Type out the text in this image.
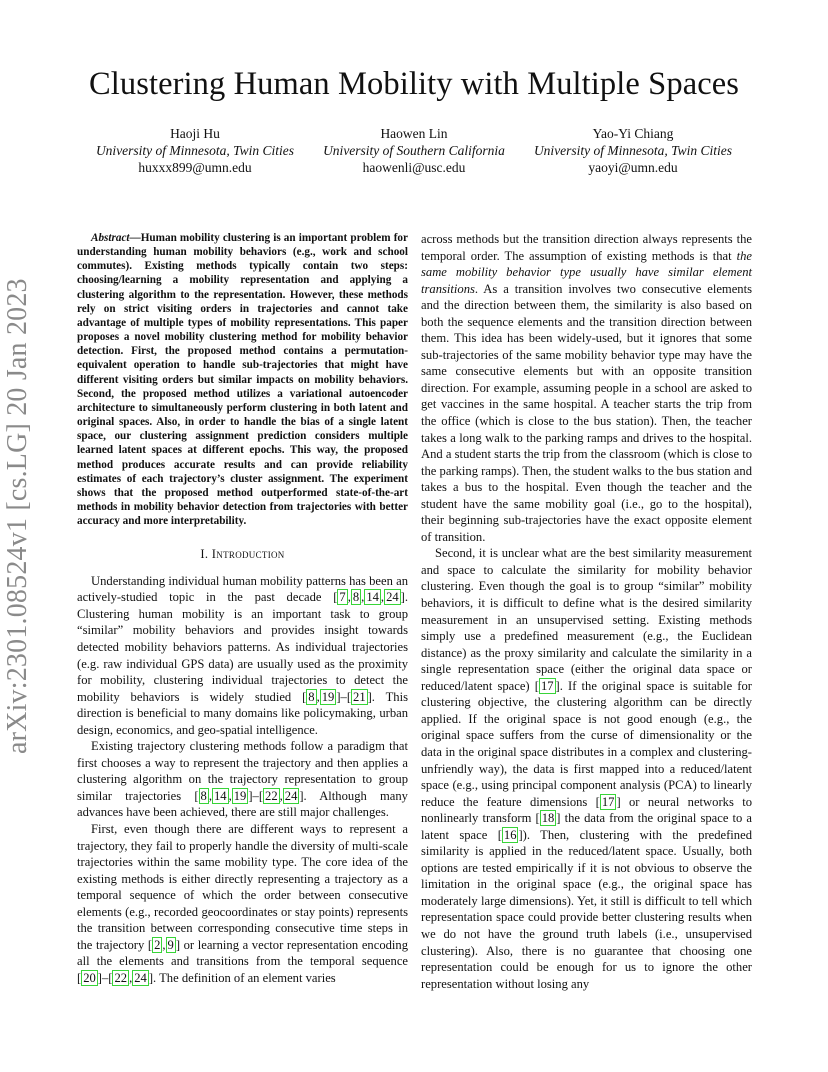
arXiv:2301.08524v1 [cs.LG] 20 Jan 2023
Clustering Human Mobility with Multiple Spaces
Haoji Hu
University of Minnesota, Twin Cities
huxxx899@umn.edu
Haowen Lin
University of Southern California
haowenli@usc.edu
Yao-Yi Chiang
University of Minnesota, Twin Cities
yaoyi@umn.edu

Abstract—Human mobility clustering is an important problem for understanding human mobility behaviors (e.g., work and school commutes). Existing methods typically contain two steps: choosing/learning a mobility representation and applying a clustering algorithm to the representation. However, these methods rely on strict visiting orders in trajectories and cannot take advantage of multiple types of mobility representations. This paper proposes a novel mobility clustering method for mobility behavior detection. First, the proposed method contains a permutation-equivalent operation to handle sub-trajectories that might have different visiting orders but similar impacts on mobility behaviors. Second, the proposed method utilizes a variational autoencoder architecture to simultaneously perform clustering in both latent and original spaces. Also, in order to handle the bias of a single latent space, our clustering assignment prediction considers multiple learned latent spaces at different epochs. This way, the proposed method produces accurate results and can provide reliability estimates of each trajectory’s cluster assignment. The experiment shows that the proposed method outperformed state-of-the-art methods in mobility behavior detection from trajectories with better accuracy and more interpretability.

I. Introduction

Understanding individual human mobility patterns has been an actively-studied topic in the past decade [ 7 , 8 , 14 , 24 ]. Clustering human mobility is an important task to group “similar” mobility behaviors and provides insight towards detected mobility behaviors patterns. As individual trajectories (e.g. raw individual GPS data) are usually used as the proximity for mobility, clustering individual trajectories to detect the mobility behaviors is widely studied [ 8 , 19 ]–[ 21 ]. This direction is beneficial to many domains like policymaking, urban design, economics, and geo-spatial intelligence.

Existing trajectory clustering methods follow a paradigm that first chooses a way to represent the trajectory and then applies a clustering algorithm on the trajectory representation to group similar trajectories [ 8 , 14 , 19 ]–[ 22 , 24 ]. Although many advances have been achieved, there are still major challenges.

First, even though there are different ways to represent a trajectory, they fail to properly handle the diversity of multi-scale trajectories within the same mobility type. The core idea of the existing methods is either directly representing a trajectory as a temporal sequence of which the order between consecutive elements (e.g., recorded geocoordinates or stay points) represents the transition between corresponding consecutive time steps in the trajectory [ 2 , 9 ] or learning a vector representation encoding all the elements and transitions from the temporal sequence [ 20 ]–[ 22 , 24 ]. The definition of an element varies

across methods but the transition direction always represents the temporal order. The assumption of existing methods is that the same mobility behavior type usually have similar element transitions. As a transition involves two consecutive elements and the direction between them, the similarity is also based on both the sequence elements and the transition direction between them. This idea has been widely-used, but it ignores that some sub-trajectories of the same mobility behavior type may have the same consecutive elements but with an opposite transition direction. For example, assuming people in a school are asked to get vaccines in the same hospital. A teacher starts the trip from the office (which is close to the bus station). Then, the teacher takes a long walk to the parking ramps and drives to the hospital. And a student starts the trip from the classroom (which is close to the parking ramps). Then, the student walks to the bus station and takes a bus to the hospital. Even though the teacher and the student have the same mobility goal (i.e., go to the hospital), their beginning sub-trajectories have the exact opposite element of transition.

Second, it is unclear what are the best similarity measurement and space to calculate the similarity for mobility behavior clustering. Even though the goal is to group “similar” mobility behaviors, it is difficult to define what is the desired similarity measurement in an unsupervised setting. Existing methods simply use a predefined measurement (e.g., the Euclidean distance) as the proxy similarity and calculate the similarity in a single representation space (either the original data space or reduced/latent space) [ 17 ]. If the original space is suitable for clustering objective, the clustering algorithm can be directly applied. If the original space is not good enough (e.g., the original space suffers from the curse of dimensionality or the data in the original space distributes in a complex and clustering-unfriendly way), the data is first mapped into a reduced/latent space (e.g., using principal component analysis (PCA) to linearly reduce the feature dimensions [ 17 ] or neural networks to nonlinearly transform [ 18 ] the data from the original space to a latent space [ 16 ]). Then, clustering with the predefined similarity is applied in the reduced/latent space. Usually, both options are tested empirically if it is not obvious to observe the limitation in the original space (e.g., the original space has moderately large dimensions). Yet, it still is difficult to tell which representation space could provide better clustering results when we do not have the ground truth labels (i.e., unsupervised clustering). Also, there is no guarantee that choosing one representation could be enough for us to ignore the other representation without losing any
